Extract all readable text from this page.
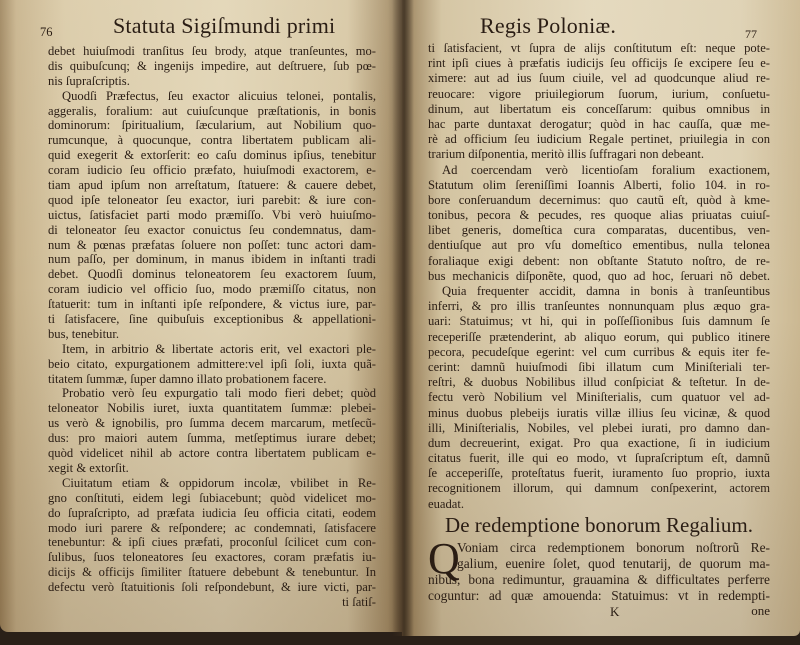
76	Statuta Sigiſmundi primi
debet huiuſmodi tranſitus ſeu brody, atque tranſeuntes, mo-
dis quibuſcunq; & ingenijs impedire, aut deſtruere, ſub pœ-
nis ſupraſcriptis.
Quodſi Præfectus, ſeu exactor alicuius telonei, pontalis,
aggeralis, foralium: aut cuiuſcunque præſtationis, in bonis
dominorum: ſpiritualium, ſæcularium, aut Nobilium quo-
rumcunque, à quocunque, contra libertatem publicam ali-
quid exegerit & extorſerit: eo caſu dominus ipſius, tenebitur
coram iudicio ſeu officio præfato, huiuſmodi exactorem, e-
tiam apud ipſum non arreſtatum, ſtatuere: & cauere debet,
quod ipſe teloneator ſeu exactor, iuri parebit: & iure con-
uictus, ſatisfaciet parti modo præmiſſo. Vbi verò huiuſmo-
di teloneator ſeu exactor conuictus ſeu condemnatus, dam-
num & pœnas præfatas ſoluere non poſſet: tunc actori dam-
num paſſo, per dominum, in manus ibidem in inſtanti tradi
debet. Quodſi dominus teloneatorem ſeu exactorem ſuum,
coram iudicio vel officio ſuo, modo præmiſſo citatus, non
ſtatuerit: tum in inſtanti ipſe reſpondere, & victus iure, par-
ti ſatisfacere, ſine quibuſuis exceptionibus & appellationi-
bus, tenebitur.
Item, in arbitrio & libertate actoris erit, vel exactori ple-
beio citato, expurgationem admittere:vel ipſi ſoli, iuxta quã-
titatem ſummæ, ſuper damno illato probationem facere.
Probatio verò ſeu expurgatio tali modo fieri debet; quòd
teloneator Nobilis iuret, iuxta quantitatem ſummæ: plebei-
us verò & ignobilis, pro ſumma decem marcarum, metſecũ-
dus: pro maiori autem ſumma, metſeptimus iurare debet;
quòd videlicet nihil ab actore contra libertatem publicam e-
xegit & extorſit.
Ciuitatum etiam & oppidorum incolæ, vbilibet in Re-
gno conſtituti, eidem legi ſubiacebunt; quòd videlicet mo-
do ſupraſcripto, ad præfata iudicia ſeu officia citati, eodem
modo iuri parere & reſpondere; ac condemnati, ſatisfacere
tenebuntur: & ipſi ciues præfati, proconſul ſcilicet cum con-
ſulibus, ſuos teloneatores ſeu exactores, coram præfatis iu-
dicijs & officijs ſimiliter ſtatuere debebunt & tenebuntur. In
defectu verò ſtatuitionis ſoli reſpondebunt, & iure victi, par-
ti ſatiſ-
Regis Poloniæ.	77
ti ſatisfacient, vt ſupra de alijs conſtitutum eſt: neque pote-
rint ipſi ciues à præfatis iudicijs ſeu officijs ſe excipere ſeu e-
ximere: aut ad ius ſuum ciuile, vel ad quodcunque aliud re-
reuocare: vigore priuilegiorum ſuorum, iurium, conſuetu-
dinum, aut libertatum eis conceſſarum: quibus omnibus in
hac parte duntaxat derogatur; quòd in hac cauſſa, quæ me-
rè ad officium ſeu iudicium Regale pertinet, priuilegia in con
trarium diſponentia, meritò illis ſuffragari non debeant.
Ad coercendam verò licentioſam foralium exactionem,
Statutum olim ſereniſſimi Ioannis Alberti, folio 104. in ro-
bore conſeruandum decernimus: quo cautũ eſt, quòd à kme-
tonibus, pecora & pecudes, res quoque alias priuatas cuiuſ-
libet generis, domeſtica cura comparatas, ducentibus, ven-
dentiuſque aut pro vſu domeſtico ementibus, nulla telonea
foraliaque exigi debent: non obſtante Statuto noſtro, de re-
bus mechanicis diſponẽte, quod, quo ad hoc, ſeruari nõ debet.
Quia frequenter accidit, damna in bonis à tranſeuntibus
inferri, & pro illis tranſeuntes nonnunquam plus æquo gra-
uari: Statuimus; vt hi, qui in poſſeſſionibus ſuis damnum ſe
receperiſſe prætenderint, ab aliquo eorum, qui publico itinere
pecora, pecudeſque egerint: vel cum curribus & equis iter fe-
cerint: damnũ huiuſmodi ſibi illatum cum Miniſteriali ter-
reſtri, & duobus Nobilibus illud conſpiciat & teſtetur. In de-
fectu verò Nobilium vel Miniſterialis, cum quatuor vel ad-
minus duobus plebeijs iuratis villæ illius ſeu vicinæ, & quod
illi, Miniſterialis, Nobiles, vel plebei iurati, pro damno dan-
dum decreuerint, exigat. Pro qua exactione, ſi in iudicium
citatus fuerit, ille qui eo modo, vt ſupraſcriptum eſt, damnũ
ſe acceperiſſe, proteſtatus fuerit, iuramento ſuo proprio, iuxta
recognitionem illorum, qui damnum conſpexerint, actorem
euadat.
De redemptione bonorum Regalium.
Q
Voniam circa redemptionem bonorum noſtrorũ Re-
galium, euenire ſolet, quod tenutarij, de quorum ma-
nibus, bona redimuntur, grauamina & difficultates perferre
coguntur: ad quæ amouenda: Statuimus: vt in redempti-
K	one
